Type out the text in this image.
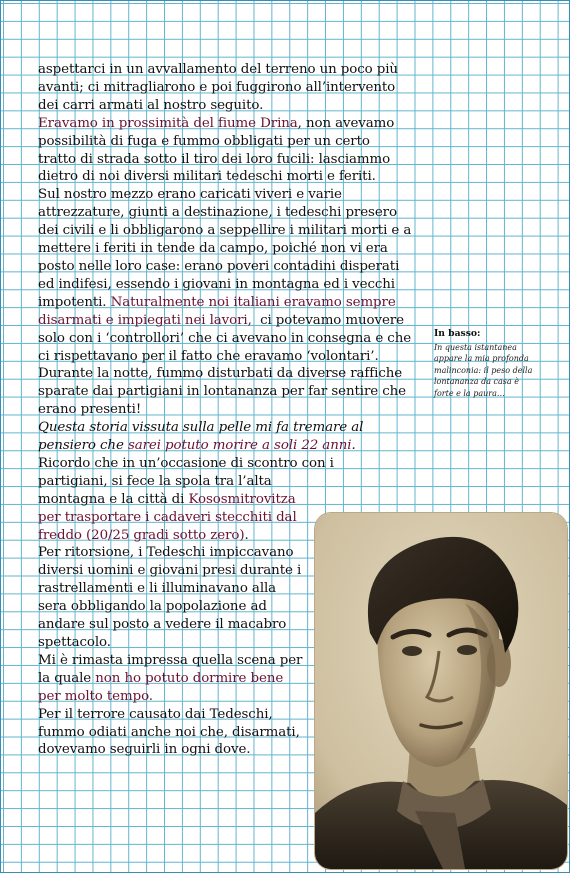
aspettarci in un avvallamento del terreno un poco più

avanti; ci mitragliarono e poi fuggirono all’intervento

dei carri armati al nostro seguito.

Eravamo in prossimità del fiume Drina, non avevamo

possibilità di fuga e fummo obbligati per un certo

tratto di strada sotto il tiro dei loro fucili: lasciammo

dietro di noi diversi militari tedeschi morti e feriti.

Sul nostro mezzo erano caricati viveri e varie

attrezzature, giunti a destinazione, i tedeschi presero

dei civili e li obbligarono a seppellire i militari morti e a

mettere i feriti in tende da campo, poiché non vi era

posto nelle loro case: erano poveri contadini disperati

ed indifesi, essendo i giovani in montagna ed i vecchi

impotenti. Naturalmente noi italiani eravamo sempre

disarmati e impiegati nei lavori,  ci potevamo muovere

solo con i ‘controllori’ che ci avevano in consegna e che

ci rispettavano per il fatto che eravamo ‘volontari’.

Durante la notte, fummo disturbati da diverse raffiche

sparate dai partigiani in lontananza per far sentire che

erano presenti!

Questa storia vissuta sulla pelle mi fa tremare al

pensiero che sarei potuto morire a soli 22 anni.

Ricordo che in un’occasione di scontro con i

partigiani, si fece la spola tra l’alta

montagna e la città di Kososmitrovitza

per trasportare i cadaveri stecchiti dal

freddo (20/25 gradi sotto zero).

Per ritorsione, i Tedeschi impiccavano

diversi uomini e giovani presi durante i

rastrellamenti e li illuminavano alla

sera obbligando la popolazione ad

andare sul posto a vedere il macabro

spettacolo.

Mi è rimasta impressa quella scena per

la quale non ho potuto dormire bene

per molto tempo.

Per il terrore causato dai Tedeschi,

fummo odiati anche noi che, disarmati,

dovevamo seguirli in ogni dove.

In basso:
In questa istantanea
appare la mia profonda
malinconia: il peso della
lontananza da casa è
forte e la paura…
